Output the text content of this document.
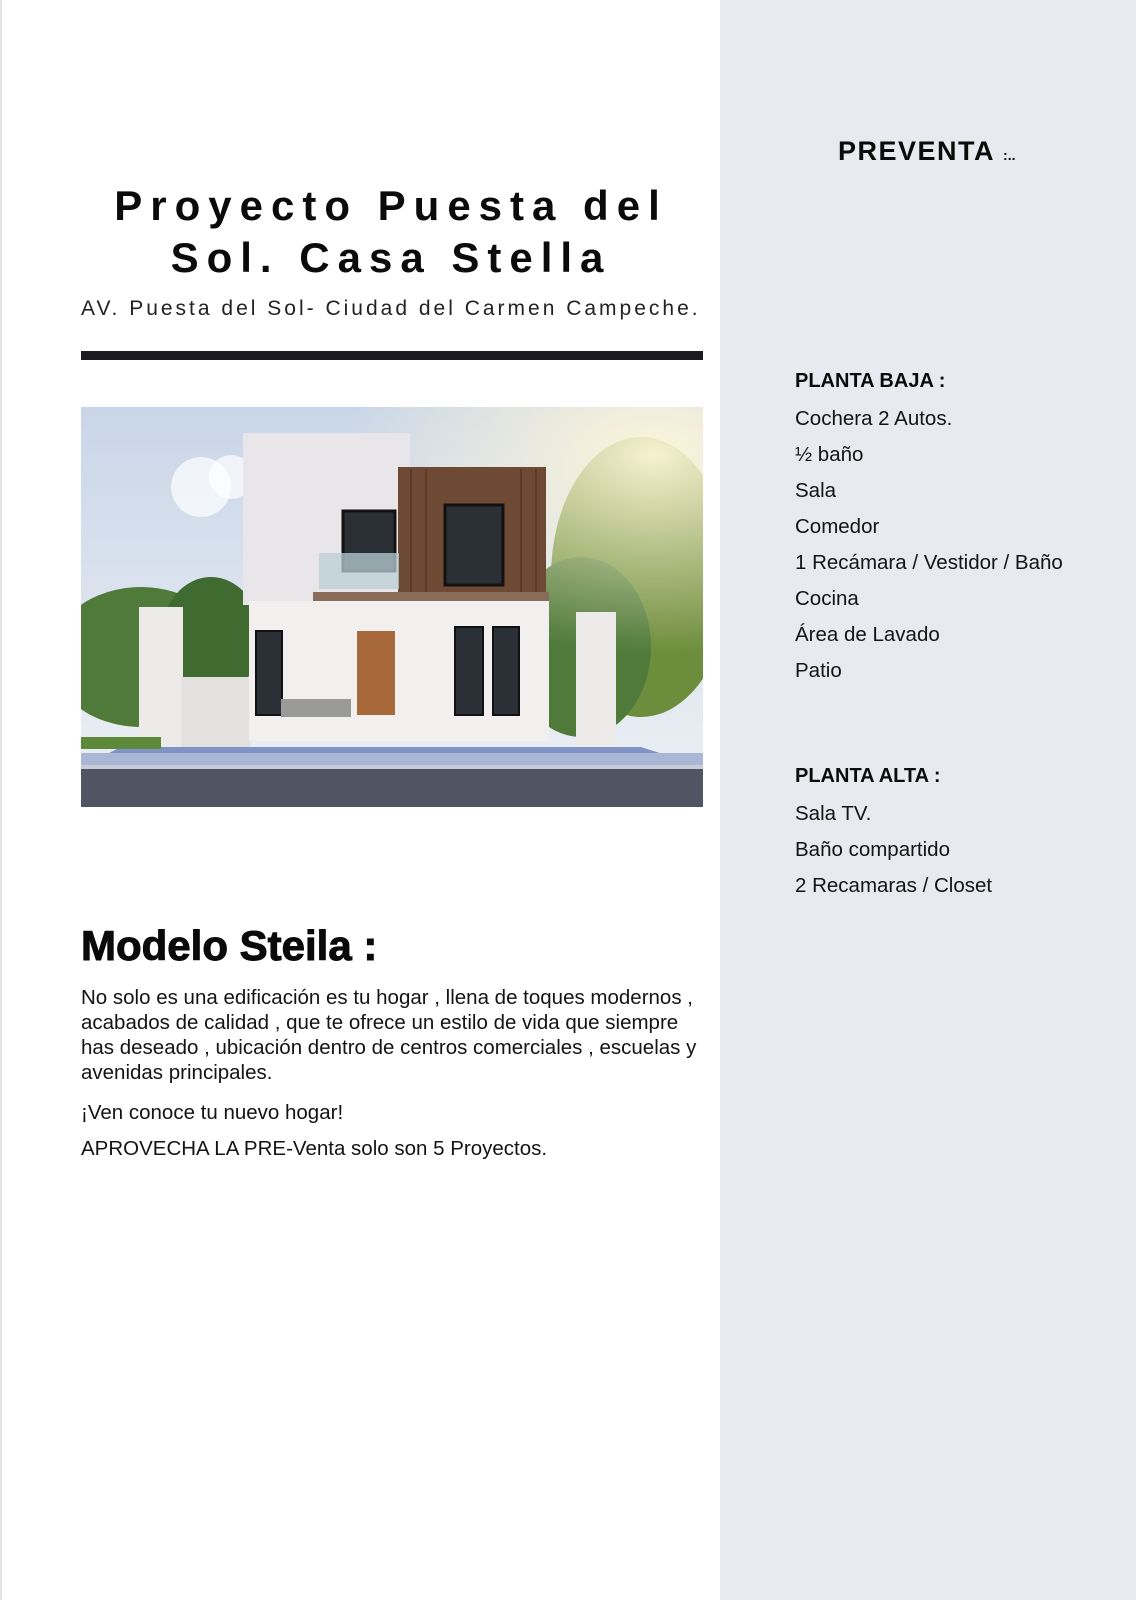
Proyecto Puesta del Sol. Casa Stella
AV. Puesta del Sol- Ciudad del Carmen Campeche.
Modelo Steila :

No solo es una edificación es tu hogar , llena de toques modernos , acabados de calidad , que te ofrece un estilo de vida que siempre has deseado , ubicación dentro de centros comerciales , escuelas y avenidas principales.

¡Ven conoce tu nuevo hogar!

APROVECHA LA PRE-Venta solo son 5 Proyectos.

PREVENTA :..
PLANTA BAJA :
Cochera 2 Autos.
½ baño
Sala
Comedor
1 Recámara / Vestidor / Baño
Cocina
Área de Lavado
Patio
PLANTA ALTA :
Sala TV.
Baño compartido
2 Recamaras / Closet
